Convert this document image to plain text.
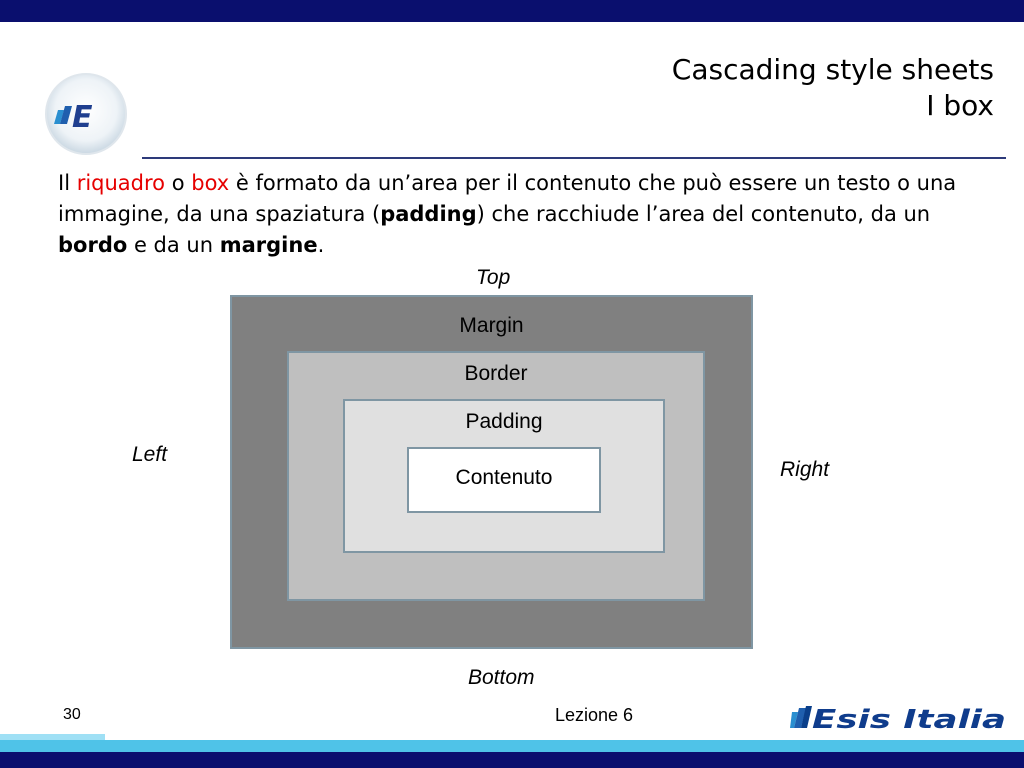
E
Cascading style sheets
I box
Il riquadro o box è formato da un’area per il contenuto che può essere un testo o una immagine, da una spaziatura (padding) che racchiude l’area del contenuto, da un bordo e da un margine.
Top
Left
Right
Bottom
Margin
Border
Padding
Contenuto
30	Lezione 6	Esis Italia
